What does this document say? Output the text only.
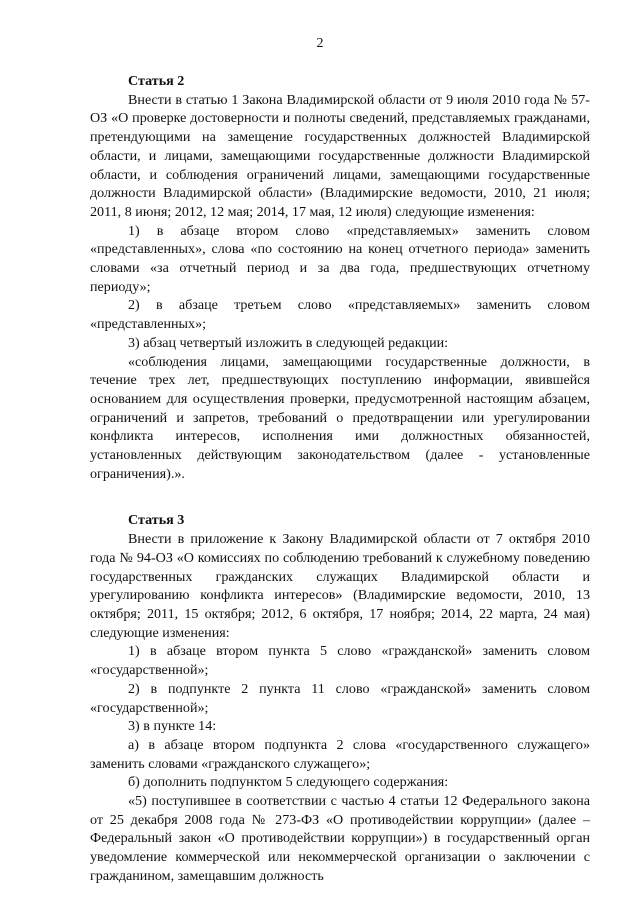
2

Статья 2

Внести в статью 1 Закона Владимирской области от 9 июля 2010 года № 57-ОЗ «О проверке достоверности и полноты сведений, представляемых гражданами, претендующими на замещение государственных должностей Владимирской области, и лицами, замещающими государственные должности Владимирской области, и соблюдения ограничений лицами, замещающими государственные должности Владимирской области» (Владимирские ведомости, 2010, 21 июля; 2011, 8 июня; 2012, 12 мая; 2014, 17 мая, 12 июля) следующие изменения:

1) в абзаце втором слово «представляемых» заменить словом «представленных», слова «по состоянию на конец отчетного периода» заменить словами «за отчетный период и за два года, предшествующих отчетному периоду»;

2) в абзаце третьем слово «представляемых» заменить словом «представленных»;

3) абзац четвертый изложить в следующей редакции:

«соблюдения лицами, замещающими государственные должности, в течение трех лет, предшествующих поступлению информации, явившейся основанием для осуществления проверки, предусмотренной настоящим абзацем, ограничений и запретов, требований о предотвращении или урегулировании конфликта интересов, исполнения ими должностных обязанностей, установленных действующим законодательством (далее - установленные ограничения).».

Статья 3

Внести в приложение к Закону Владимирской области от 7 октября 2010 года № 94-ОЗ «О комиссиях по соблюдению требований к служебному поведению государственных гражданских служащих Владимирской области и урегулированию конфликта интересов» (Владимирские ведомости, 2010, 13 октября; 2011, 15 октября; 2012, 6 октября, 17 ноября; 2014, 22 марта, 24 мая) следующие изменения:

1) в абзаце втором пункта 5 слово «гражданской» заменить словом «государственной»;

2) в подпункте 2 пункта 11 слово «гражданской» заменить словом «государственной»;

3) в пункте 14:

а) в абзаце втором подпункта 2 слова «государственного служащего» заменить словами «гражданского служащего»;

б) дополнить подпунктом 5 следующего содержания:

«5) поступившее в соответствии с частью 4 статьи 12 Федерального закона от 25 декабря 2008 года № 273-ФЗ «О противодействии коррупции» (далее – Федеральный закон «О противодействии коррупции») в государственный орган уведомление коммерческой или некоммерческой организации о заключении с гражданином, замещавшим должность
